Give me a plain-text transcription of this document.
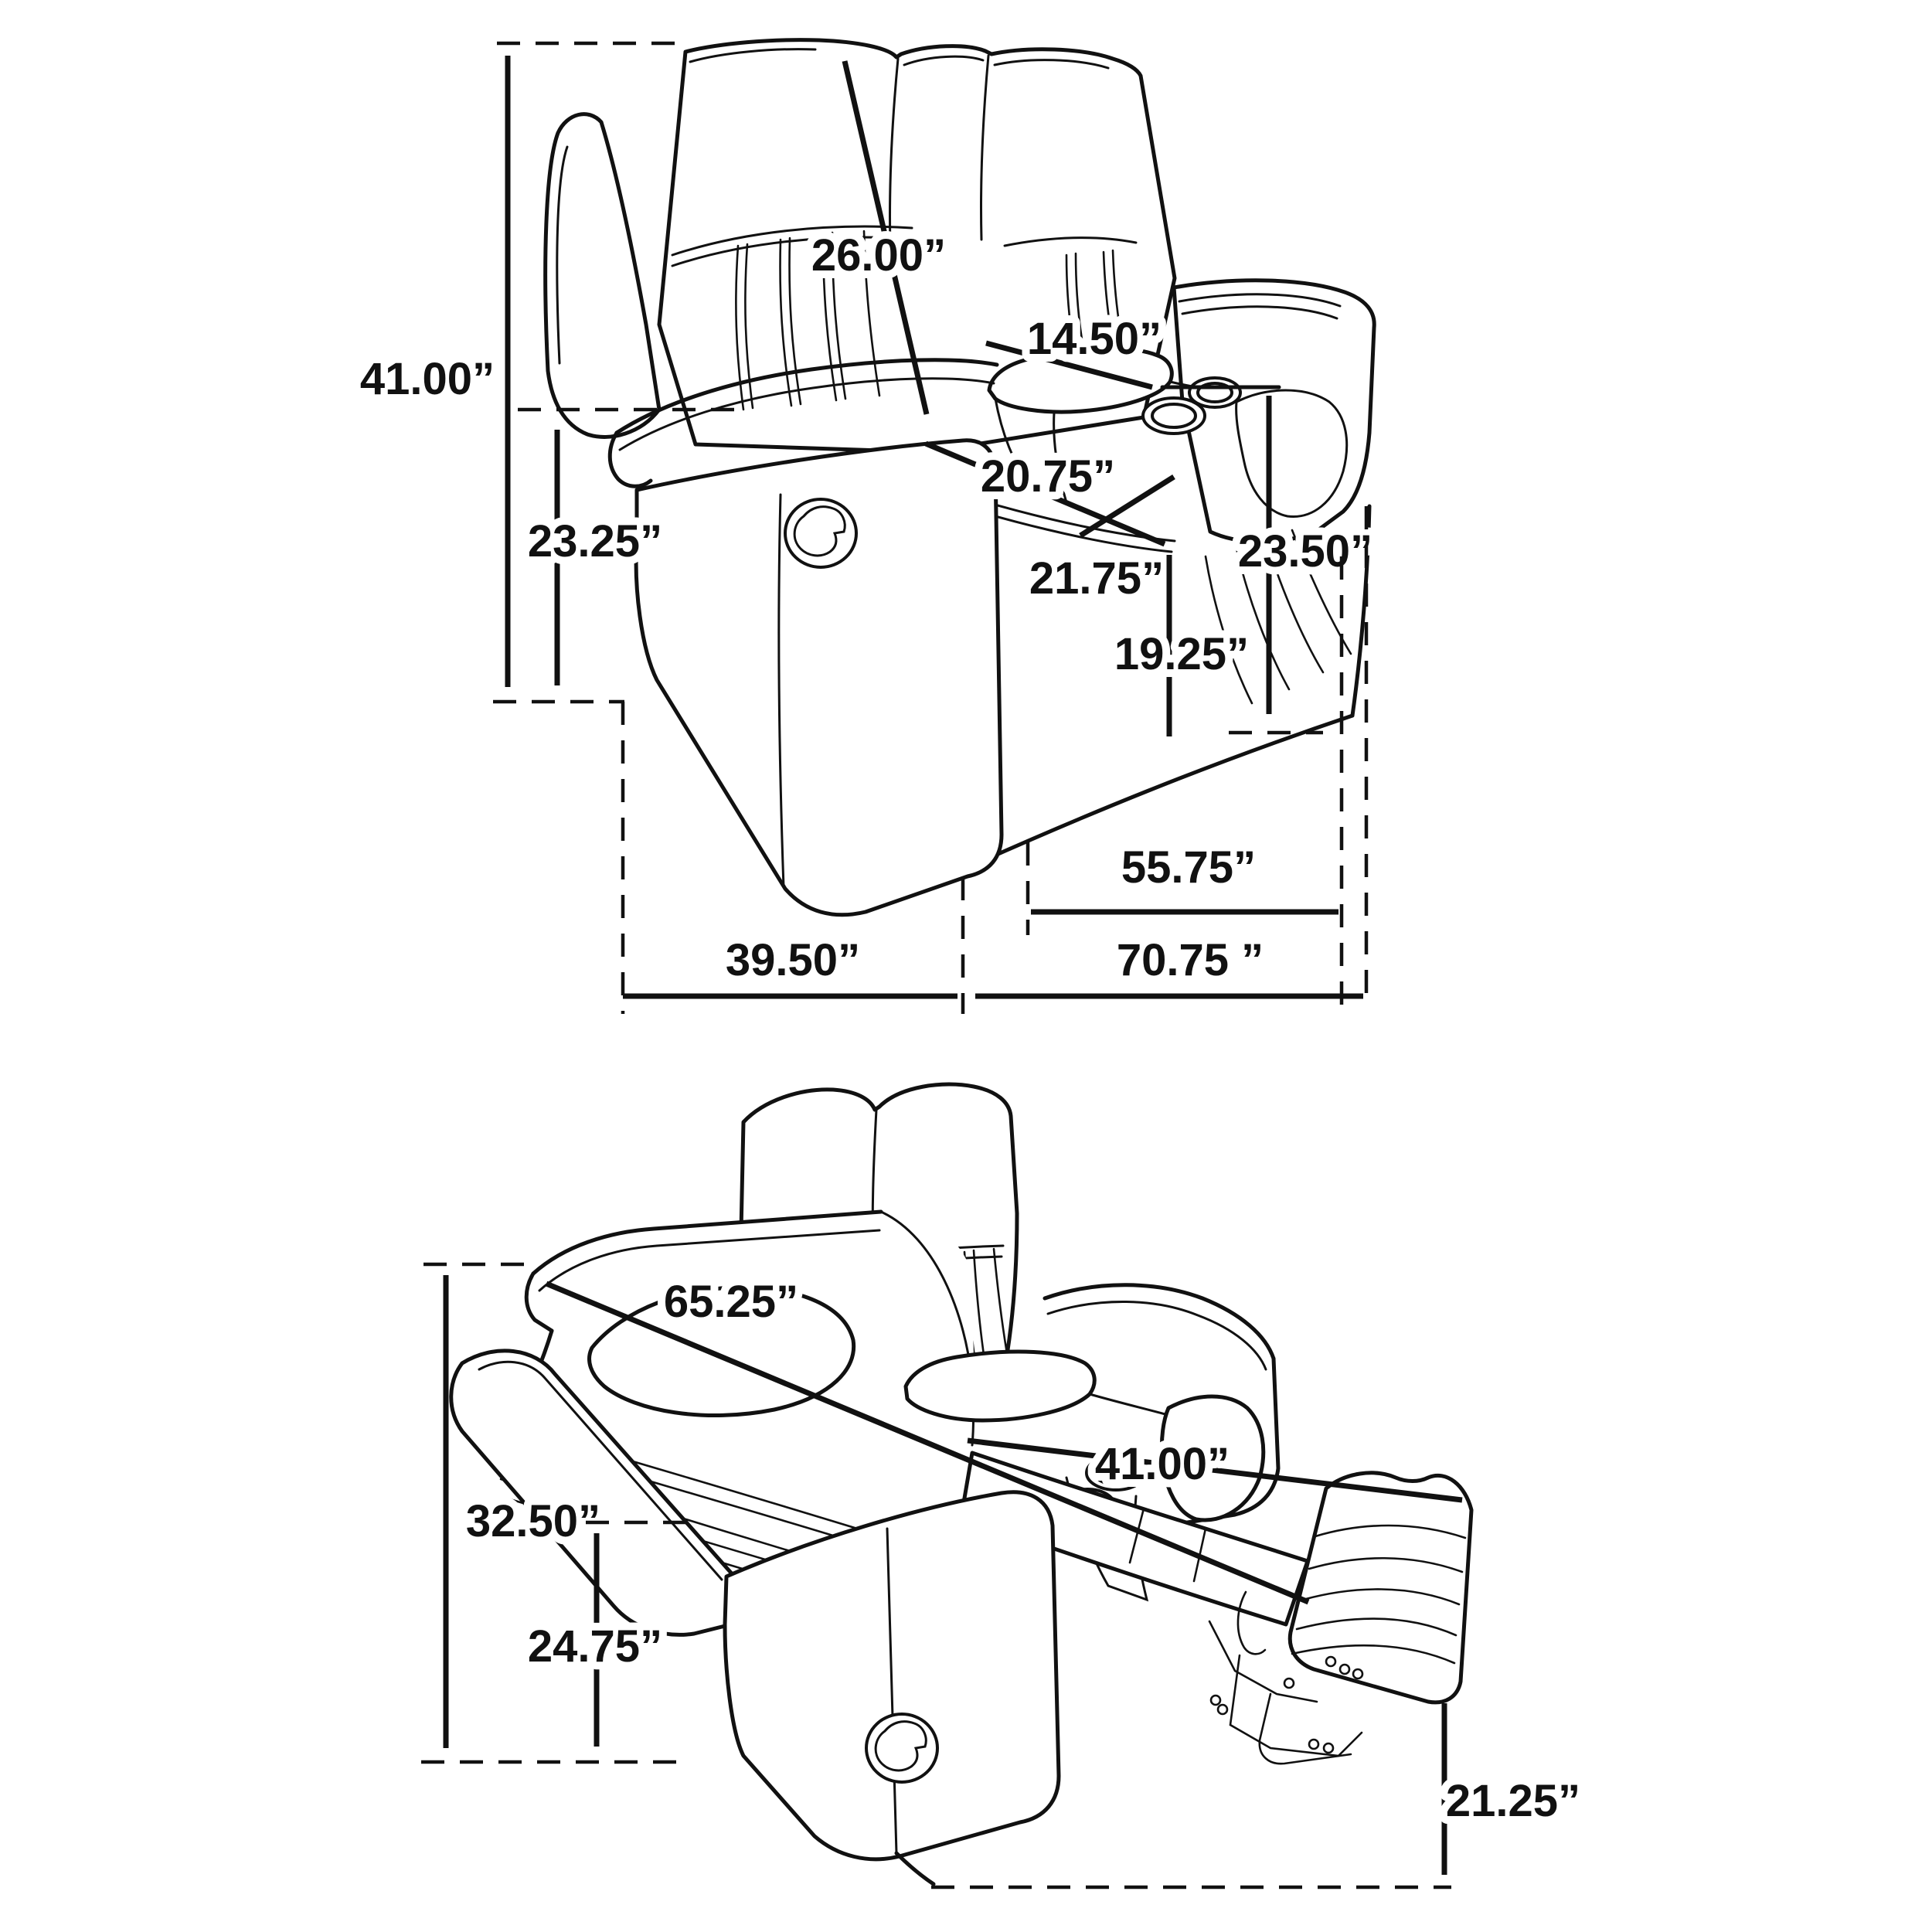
41.00”
23.25”
26.00”
14.50”
20.75”
21.75”
23.50”
19.25”
55.75”
39.50”	70.75 ”
32.50”
24.75”
65.25”
41.00”
21.25”
